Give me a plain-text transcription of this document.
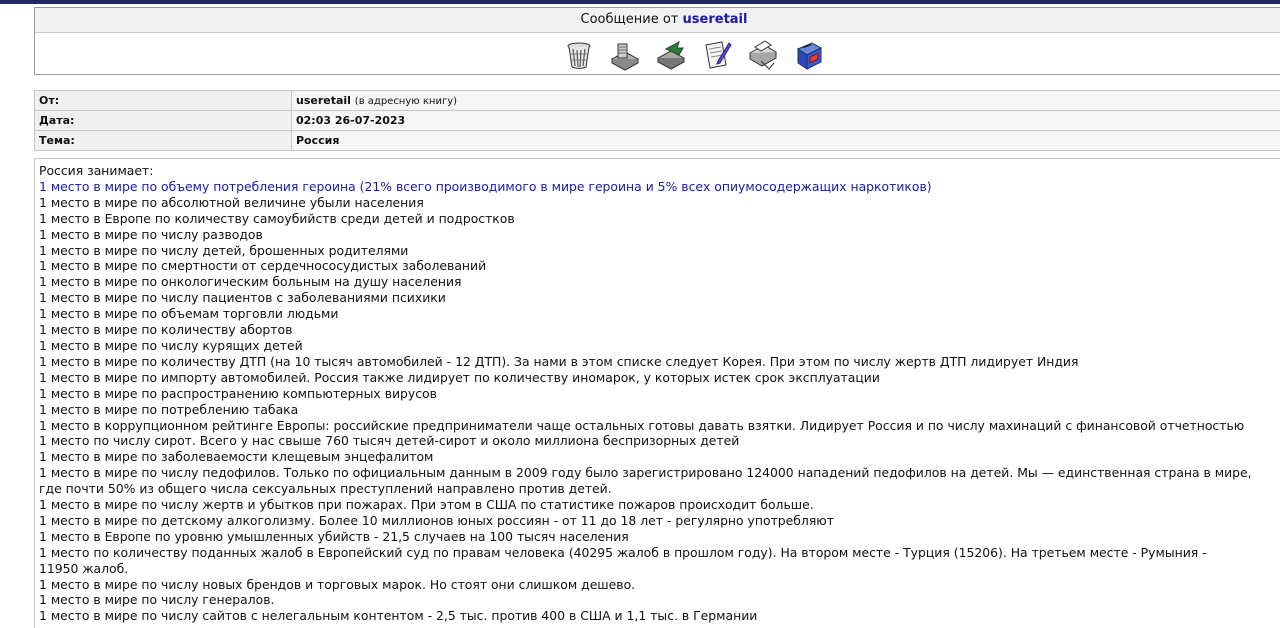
Сообщение от useretail
От:	useretail (в адресную книгу)
Дата:	02:03 26-07-2023
Тема:	Россия
Россия занимает:
1 место в мире по объему потребления героина (21% всего производимого в мире героина и 5% всех опиумосодержащих наркотиков)
1 место в мире по абсолютной величине убыли населения
1 место в Европе по количеству самоубийств среди детей и подростков
1 место в мире по числу разводов
1 место в мире по числу детей, брошенных родителями
1 место в мире по смертности от сердечнососудистых заболеваний
1 место в мире по онкологическим больным на душу населения
1 место в мире по числу пациентов с заболеваниями психики
1 место в мире по объемам торговли людьми
1 место в мире по количеству абортов
1 место в мире по числу курящих детей
1 место в мире по количеству ДТП (на 10 тысяч автомобилей - 12 ДТП). За нами в этом списке следует Корея. При этом по числу жертв ДТП лидирует Индия
1 место в мире по импорту автомобилей. Россия также лидирует по количеству иномарок, у которых истек срок эксплуатации
1 место в мире по распространению компьютерных вирусов
1 место в мире по потреблению табака
1 место в коррупционном рейтинге Европы: российские предприниматели чаще остальных готовы давать взятки. Лидирует Россия и по числу махинаций с финансовой отчетностью
1 место по числу сирот. Всего у нас свыше 760 тысяч детей-сирот и около миллиона беспризорных детей
1 место в мире по заболеваемости клещевым энцефалитом
1 место в мире по числу педофилов. Только по официальным данным в 2009 году было зарегистрировано 124000 нападений педофилов на детей. Мы — единственная страна в мире,
где почти 50% из общего числа сексуальных преступлений направлено против детей.
1 место в мире по числу жертв и убытков при пожарах. При этом в США по статистике пожаров происходит больше.
1 место в мире по детскому алкоголизму. Более 10 миллионов юных россиян - от 11 до 18 лет - регулярно употребляют
1 место в Европе по уровню умышленных убийств - 21,5 случаев на 100 тысяч населения
1 место по количеству поданных жалоб в Европейский суд по правам человека (40295 жалоб в прошлом году). На втором месте - Турция (15206). На третьем месте - Румыния -
11950 жалоб.
1 место в мире по числу новых брендов и торговых марок. Но стоят они слишком дешево.
1 место в мире по числу генералов.
1 место в мире по числу сайтов с нелегальным контентом - 2,5 тыс. против 400 в США и 1,1 тыс. в Германии
